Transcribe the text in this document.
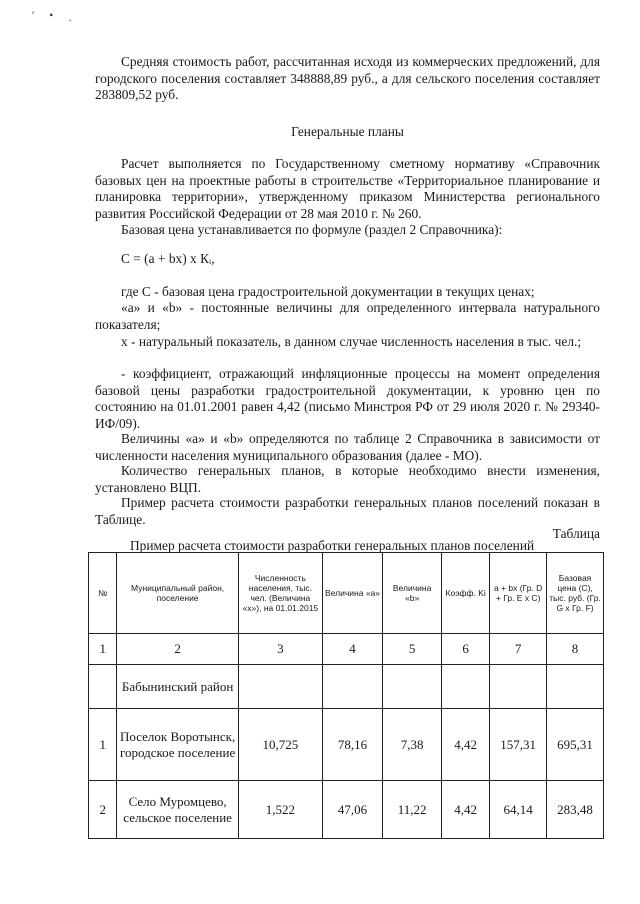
' • ˎ

Средняя стоимость работ, рассчитанная исходя из коммерческих предложений, для городского поселения составляет 348888,89 руб., а для сельского поселения составляет 283809,52 руб.

Генеральные планы

Расчет выполняется по Государственному сметному нормативу «Справочник базовых цен на проектные работы в строительстве «Территориальное планирование и планировка территории», утвержденному приказом Министерства регионального развития Российской Федерации от 28 мая 2010 г. № 260.

Базовая цена устанавливается по формуле (раздел 2 Справочника):

С = (а + bх) х Кᵢ,

где С - базовая цена градостроительной документации в текущих ценах;

«а» и «b» - постоянные величины для определенного интервала натурального показателя;

х - натуральный показатель, в данном случае численность населения в тыс. чел.;

- коэффициент, отражающий инфляционные процессы на момент определения базовой цены разработки градостроительной документации, к уровню цен по состоянию на 01.01.2001 равен 4,42 (письмо Минстроя РФ от 29 июля 2020 г. № 29340-ИФ/09).

Величины «а» и «b» определяются по таблице 2 Справочника в зависимости от численности населения муниципального образования (далее - МО).

Количество генеральных планов, в которые необходимо внести изменения, установлено ВЦП.

Пример расчета стоимости разработки генеральных планов поселений показан в Таблице.

Таблица

Пример расчета стоимости разработки генеральных планов поселений
№	Муниципальный район, поселение	Численность населения, тыс. чел. (Величина «х»), на 01.01.2015	Величина «а»	Величина «b»	Коэфф. Ki	а + bх (Гр. D + Гр. E х C)	Базовая цена (С), тыс. руб. (Гр. G х Гр. F)
1	2	3	4	5	6	7	8
	Бабынинский район						
1	Поселок Воротынск, городское поселение	10,725	78,16	7,38	4,42	157,31	695,31
2	Село Муромцево, сельское поселение	1,522	47,06	11,22	4,42	64,14	283,48
